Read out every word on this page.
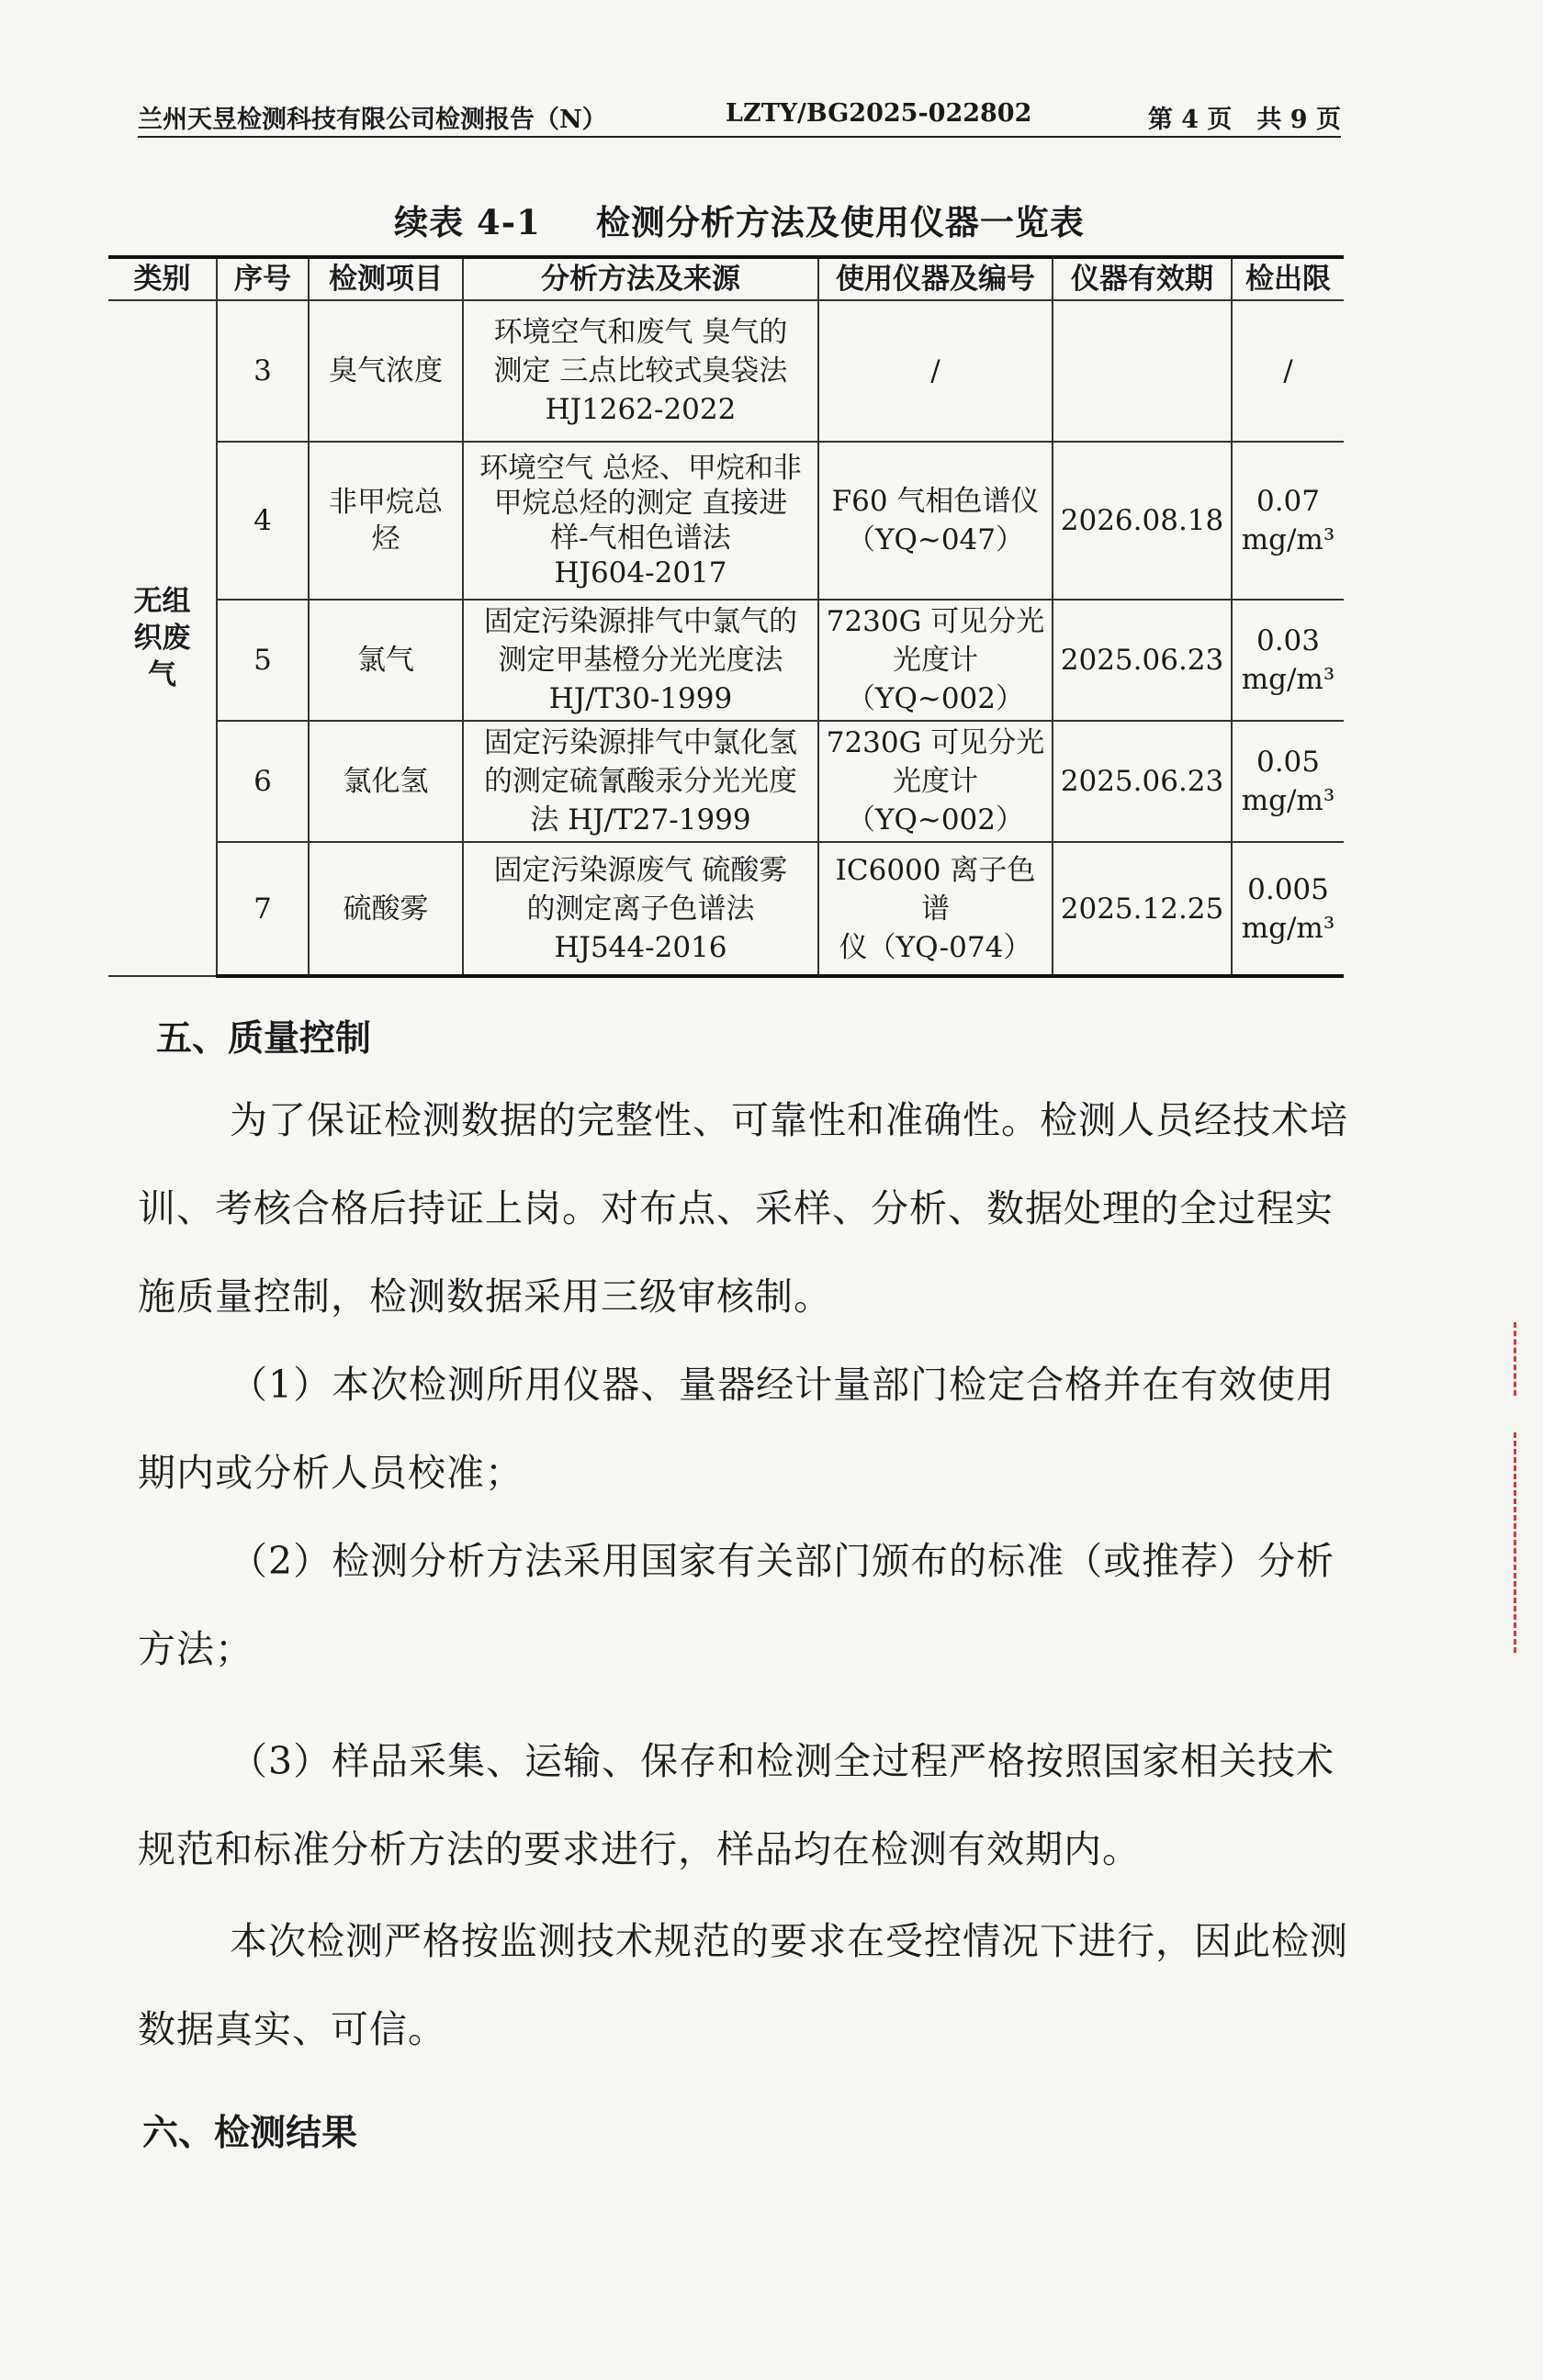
兰州天昱检测科技有限公司检测报告（N）	LZTY/BG2025-022802	第 4 页　共 9 页
续表 4-1 检测分析方法及使用仪器一览表
类别	序号	检测项目	分析方法及来源	使用仪器及编号	仪器有效期	检出限
无组织废气	3	臭气浓度	环境空气和废气 臭气的
测定 三点比较式臭袋法
HJ1262-2022	/		/

	4	非甲烷总烃	环境空气 总烃、甲烷和非
甲烷总烃的测定 直接进
样-气相色谱法
HJ604-2017	F60 气相色谱仪
（YQ~047）	2026.08.18	0.07
mg/m³

	5	氯气	固定污染源排气中氯气的
测定甲基橙分光光度法
HJ/T30-1999	7230G 可见分光
光度计
（YQ~002）	2025.06.23	0.03
mg/m³

	6	氯化氢	固定污染源排气中氯化氢
的测定硫氰酸汞分光光度
法 HJ/T27-1999	7230G 可见分光
光度计
（YQ~002）	2025.06.23	0.05
mg/m³

	7	硫酸雾	固定污染源废气 硫酸雾
的测定离子色谱法
HJ544-2016	IC6000 离子色谱
仪（YQ-074）	2025.12.25	0.005
mg/m³
五、质量控制
为了保证检测数据的完整性、可靠性和准确性。检测人员经技术培训、考核合格后持证上岗。对布点、采样、分析、数据处理的全过程实施质量控制，检测数据采用三级审核制。
（1）本次检测所用仪器、量器经计量部门检定合格并在有效使用期内或分析人员校准；
（2）检测分析方法采用国家有关部门颁布的标准（或推荐）分析方法；
（3）样品采集、运输、保存和检测全过程严格按照国家相关技术规范和标准分析方法的要求进行，样品均在检测有效期内。
本次检测严格按监测技术规范的要求在受控情况下进行，因此检测数据真实、可信。
六、检测结果
